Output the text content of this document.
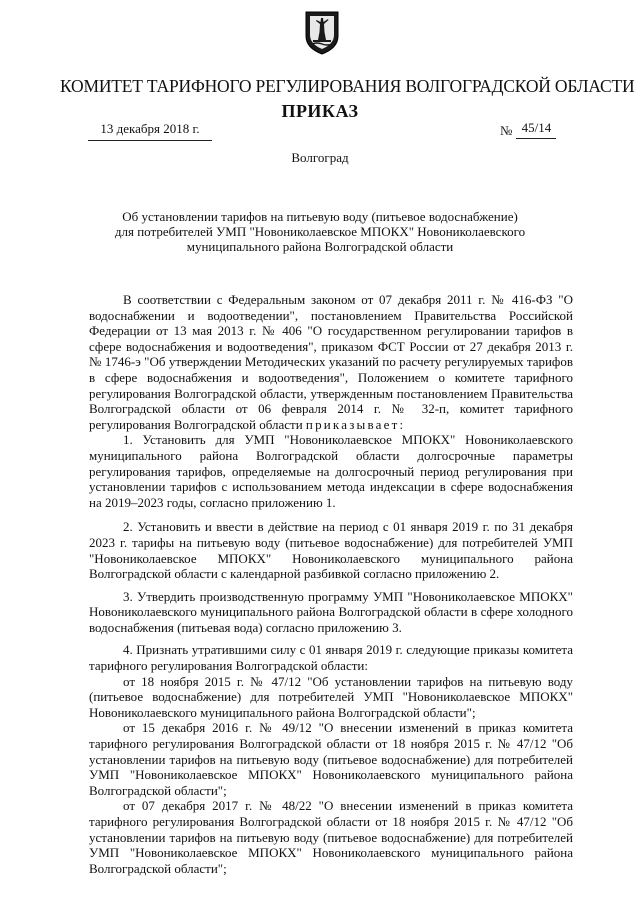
КОМИТЕТ ТАРИФНОГО РЕГУЛИРОВАНИЯ ВОЛГОГРАДСКОЙ ОБЛАСТИ
ПРИКАЗ
13 декабря 2018 г.	№ 45/14
Волгоград
Об установлении тарифов на питьевую воду (питьевое водоснабжение)
для потребителей УМП "Новониколаевское МПОКХ" Новониколаевского
муниципального района Волгоградской области

В соответствии с Федеральным законом от 07 декабря 2011 г. № 416-ФЗ "О водоснабжении и водоотведении", постановлением Правительства Российской Федерации от 13 мая 2013 г. № 406 "О государственном регулировании тарифов в сфере водоснабжения и водоотведения", приказом ФСТ России от 27 декабря 2013 г. № 1746-э "Об утверждении Методических указаний по расчету регулируемых тарифов в сфере водоснабжения и водоотведения", Положением о комитете тарифного регулирования Волгоградской области, утвержденным постановлением Правительства Волгоградской области от 06 февраля 2014 г. № 32-п, комитет тарифного регулирования Волгоградской области приказывает:

1. Установить для УМП "Новониколаевское МПОКХ" Новониколаевского муниципального района Волгоградской области долгосрочные параметры регулирования тарифов, определяемые на долгосрочный период регулирования при установлении тарифов с использованием метода индексации в сфере водоснабжения на 2019–2023 годы, согласно приложению 1.

2. Установить и ввести в действие на период с 01 января 2019 г. по 31 декабря 2023 г. тарифы на питьевую воду (питьевое водоснабжение) для потребителей УМП "Новониколаевское МПОКХ" Новониколаевского муниципального района Волгоградской области с календарной разбивкой согласно приложению 2.

3. Утвердить производственную программу УМП "Новониколаевское МПОКХ" Новониколаевского муниципального района Волгоградской области в сфере холодного водоснабжения (питьевая вода) согласно приложению 3.

4. Признать утратившими силу с 01 января 2019 г. следующие приказы комитета тарифного регулирования Волгоградской области:

от 18 ноября 2015 г. № 47/12 "Об установлении тарифов на питьевую воду (питьевое водоснабжение) для потребителей УМП "Новониколаевское МПОКХ" Новониколаевского муниципального района Волгоградской области";

от 15 декабря 2016 г. № 49/12 "О внесении изменений в приказ комитета тарифного регулирования Волгоградской области от 18 ноября 2015 г. № 47/12 "Об установлении тарифов на питьевую воду (питьевое водоснабжение) для потребителей УМП "Новониколаевское МПОКХ" Новониколаевского муниципального района Волгоградской области";

от 07 декабря 2017 г. № 48/22 "О внесении изменений в приказ комитета тарифного регулирования Волгоградской области от 18 ноября 2015 г. № 47/12 "Об установлении тарифов на питьевую воду (питьевое водоснабжение) для потребителей УМП "Новониколаевское МПОКХ" Новониколаевского муниципального района Волгоградской области";
